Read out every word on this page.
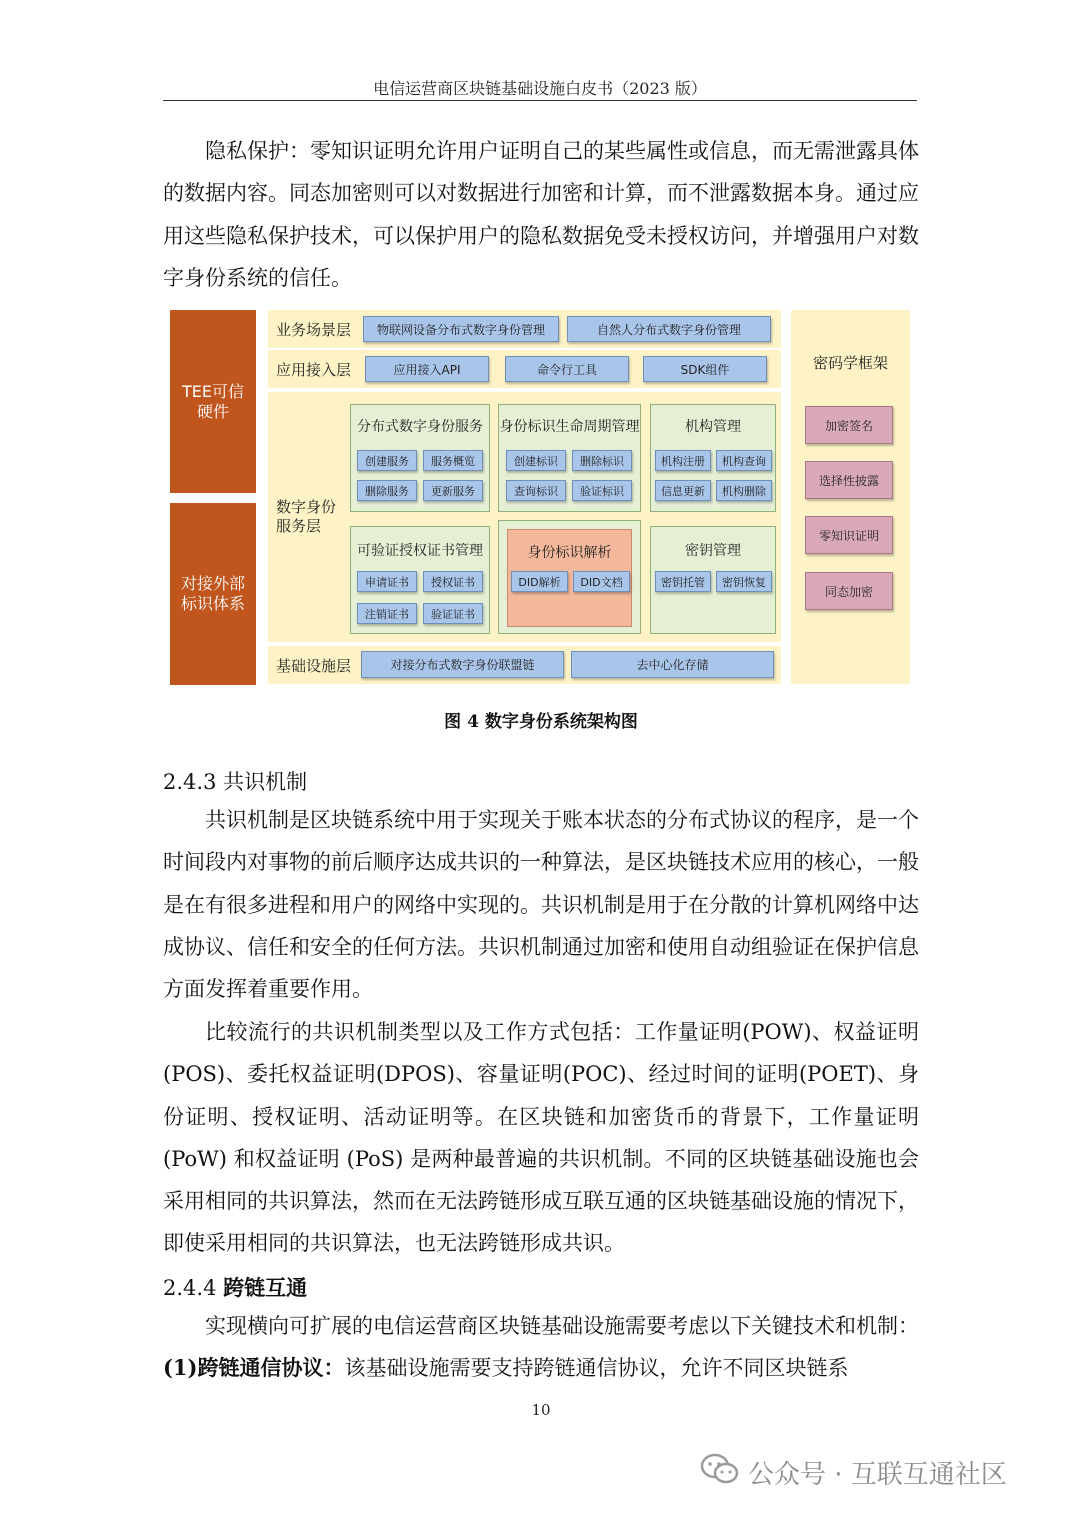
电信运营商区块链基础设施白皮书（2023 版）

隐私保护：零知识证明允许用户证明自己的某些属性或信息，而无需泄露具体的数据内容。同态加密则可以对数据进行加密和计算，而不泄露数据本身。通过应用这些隐私保护技术，可以保护用户的隐私数据免受未授权访问，并增强用户对数字身份系统的信任。

TEE可信硬件
对接外部标识体系
业务场景层	物联网设备分布式数字身份管理	自然人分布式数字身份管理
应用接入层	应用接入API	命令行工具	SDK组件
数字身份服务层
分布式数字身份服务
创建服务	服务概览
删除服务	更新服务
身份标识生命周期管理
创建标识	删除标识
查询标识	验证标识
机构管理
机构注册	机构查询
信息更新	机构删除
可验证授权证书管理
申请证书	授权证书
注销证书	验证证书
身份标识解析
DID解析	DID文档
密钥管理
密钥托管	密钥恢复
基础设施层	对接分布式数字身份联盟链	去中心化存储
密码学框架
加密签名
选择性披露
零知识证明
同态加密
图 4 数字身份系统架构图
2.4.3 共识机制

共识机制是区块链系统中用于实现关于账本状态的分布式协议的程序，是一个时间段内对事物的前后顺序达成共识的一种算法，是区块链技术应用的核心，一般是在有很多进程和用户的网络中实现的。共识机制是用于在分散的计算机网络中达成协议、信任和安全的任何方法。共识机制通过加密和使用自动组验证在保护信息方面发挥着重要作用。

比较流行的共识机制类型以及工作方式包括：工作量证明(POW)、权益证明(POS)、委托权益证明(DPOS)、容量证明(POC)、经过时间的证明(POET)、身份证明、授权证明、活动证明等。在区块链和加密货币的背景下，工作量证明 (PoW) 和权益证明 (PoS) 是两种最普遍的共识机制。不同的区块链基础设施也会采用相同的共识算法，然而在无法跨链形成互联互通的区块链基础设施的情况下，即使采用相同的共识算法，也无法跨链形成共识。

2.4.4 跨链互通

实现横向可扩展的电信运营商区块链基础设施需要考虑以下关键技术和机制：(1)跨链通信协议：该基础设施需要支持跨链通信协议，允许不同区块链系

10
公众号 · 互联互通社区
